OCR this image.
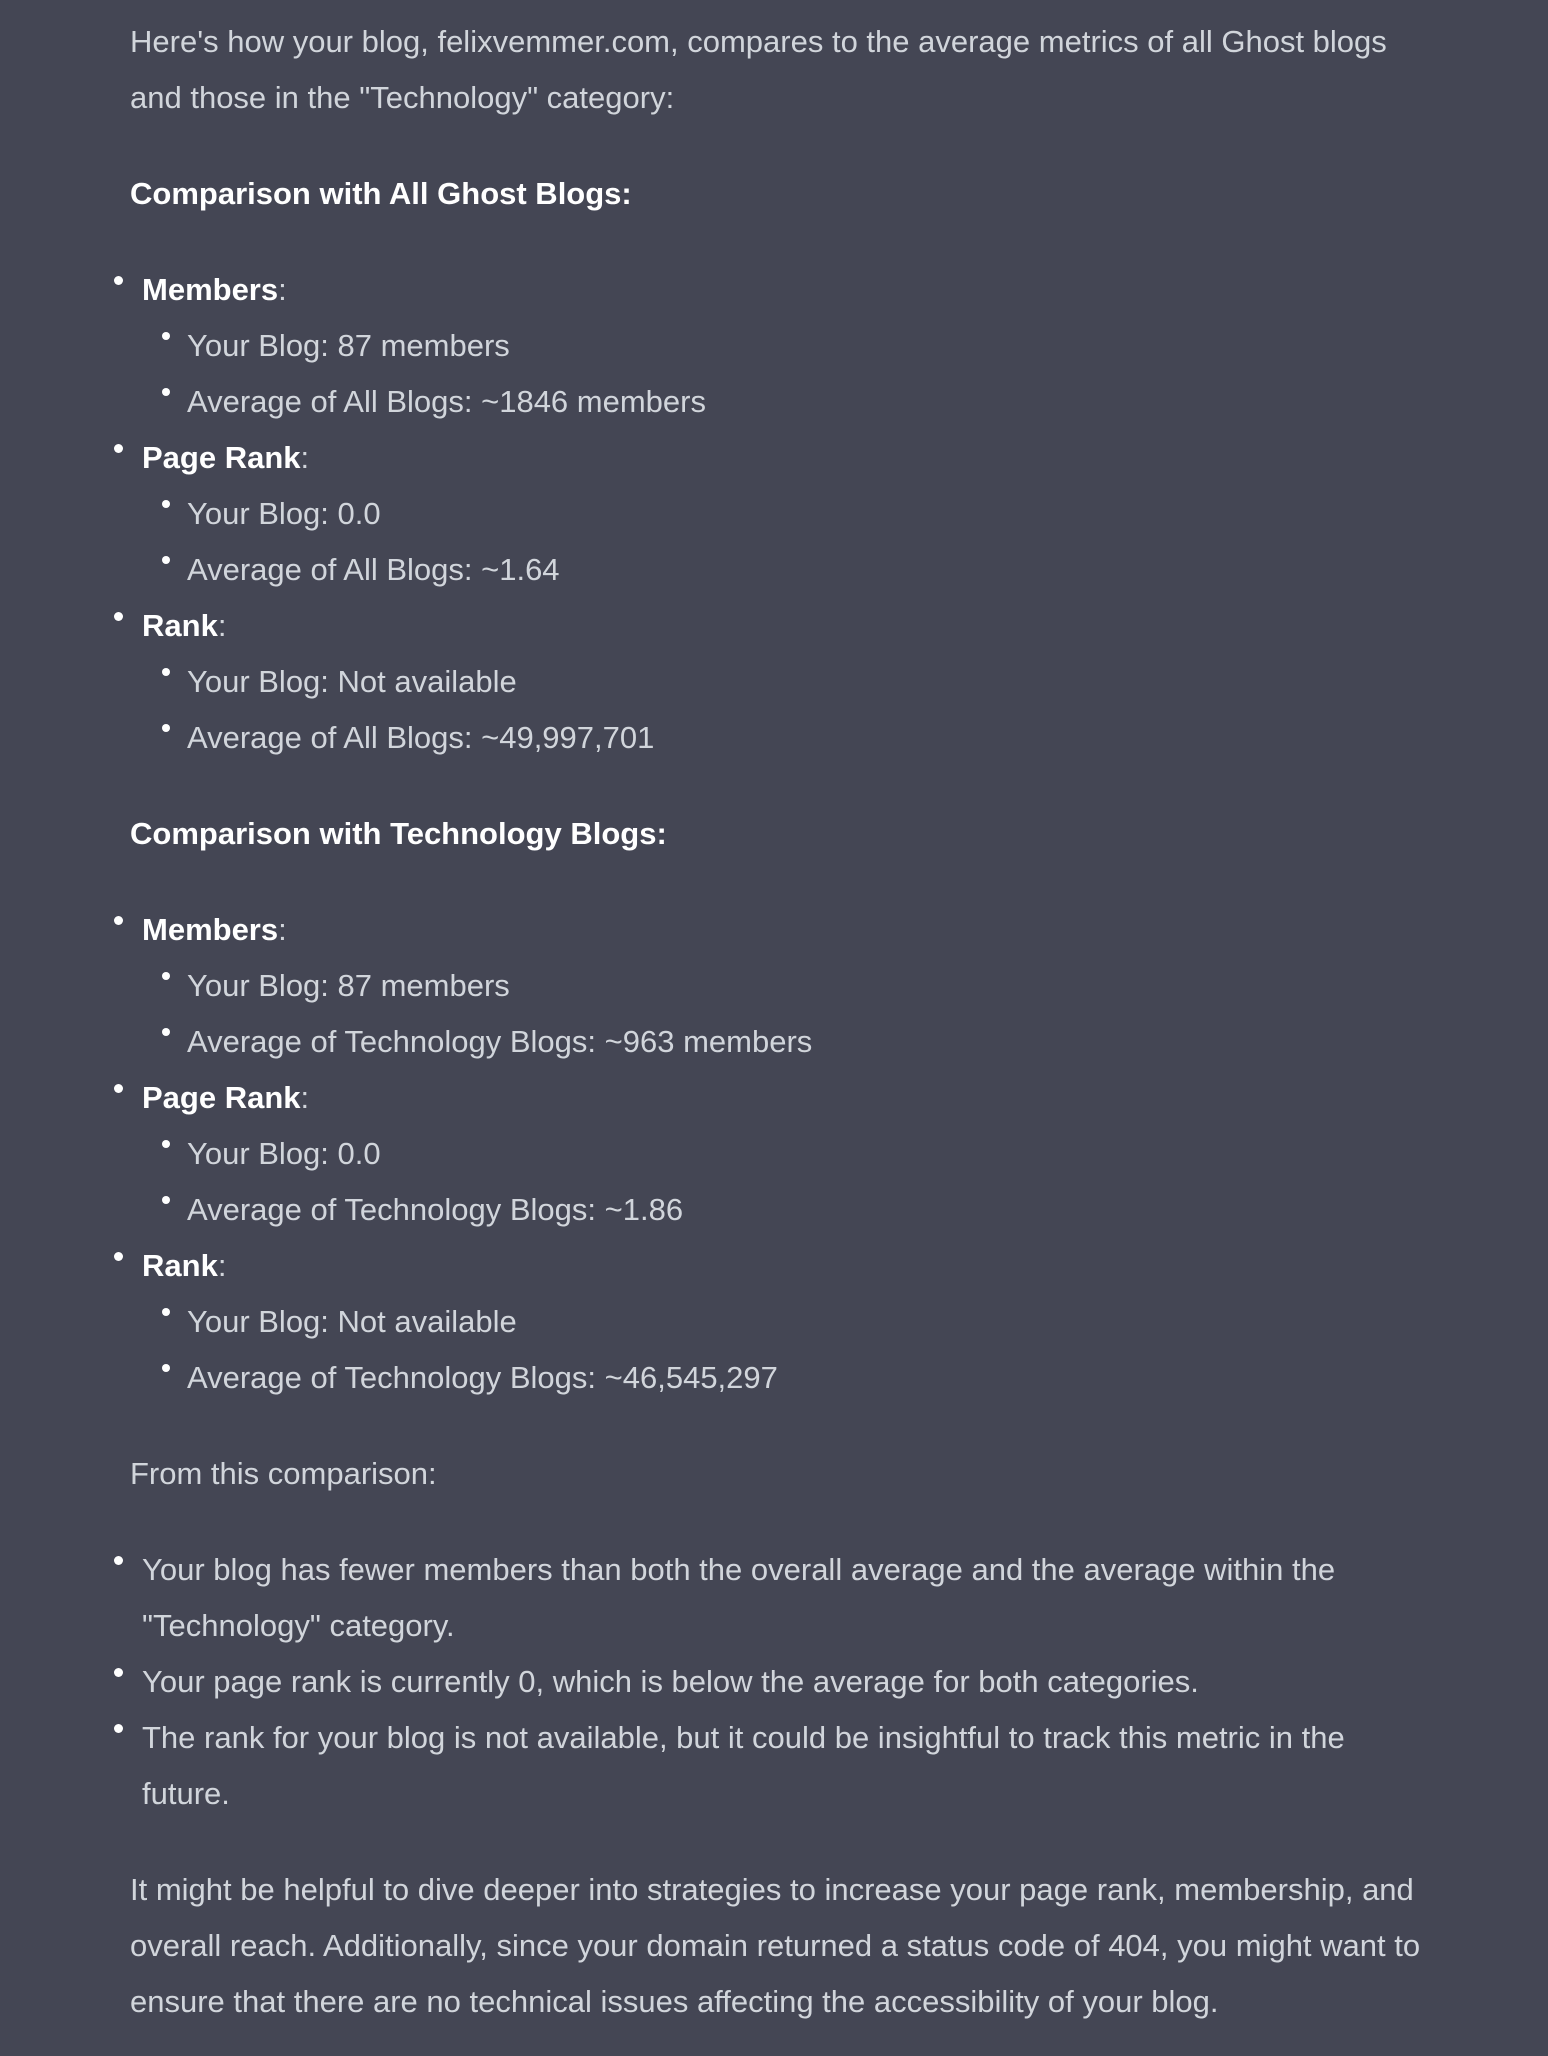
Here's how your blog, felixvemmer.com, compares to the average metrics of all Ghost blogs and those in the "Technology" category:

Comparison with All Ghost Blogs:

Members:
Your Blog: 87 members
Average of All Blogs: ~1846 members
Page Rank:
Your Blog: 0.0
Average of All Blogs: ~1.64
Rank:
Your Blog: Not available
Average of All Blogs: ~49,997,701

Comparison with Technology Blogs:

Members:
Your Blog: 87 members
Average of Technology Blogs: ~963 members
Page Rank:
Your Blog: 0.0
Average of Technology Blogs: ~1.86
Rank:
Your Blog: Not available
Average of Technology Blogs: ~46,545,297

From this comparison:

Your blog has fewer members than both the overall average and the average within the "Technology" category.
Your page rank is currently 0, which is below the average for both categories.
The rank for your blog is not available, but it could be insightful to track this metric in the future.

It might be helpful to dive deeper into strategies to increase your page rank, membership, and overall reach. Additionally, since your domain returned a status code of 404, you might want to ensure that there are no technical issues affecting the accessibility of your blog.
